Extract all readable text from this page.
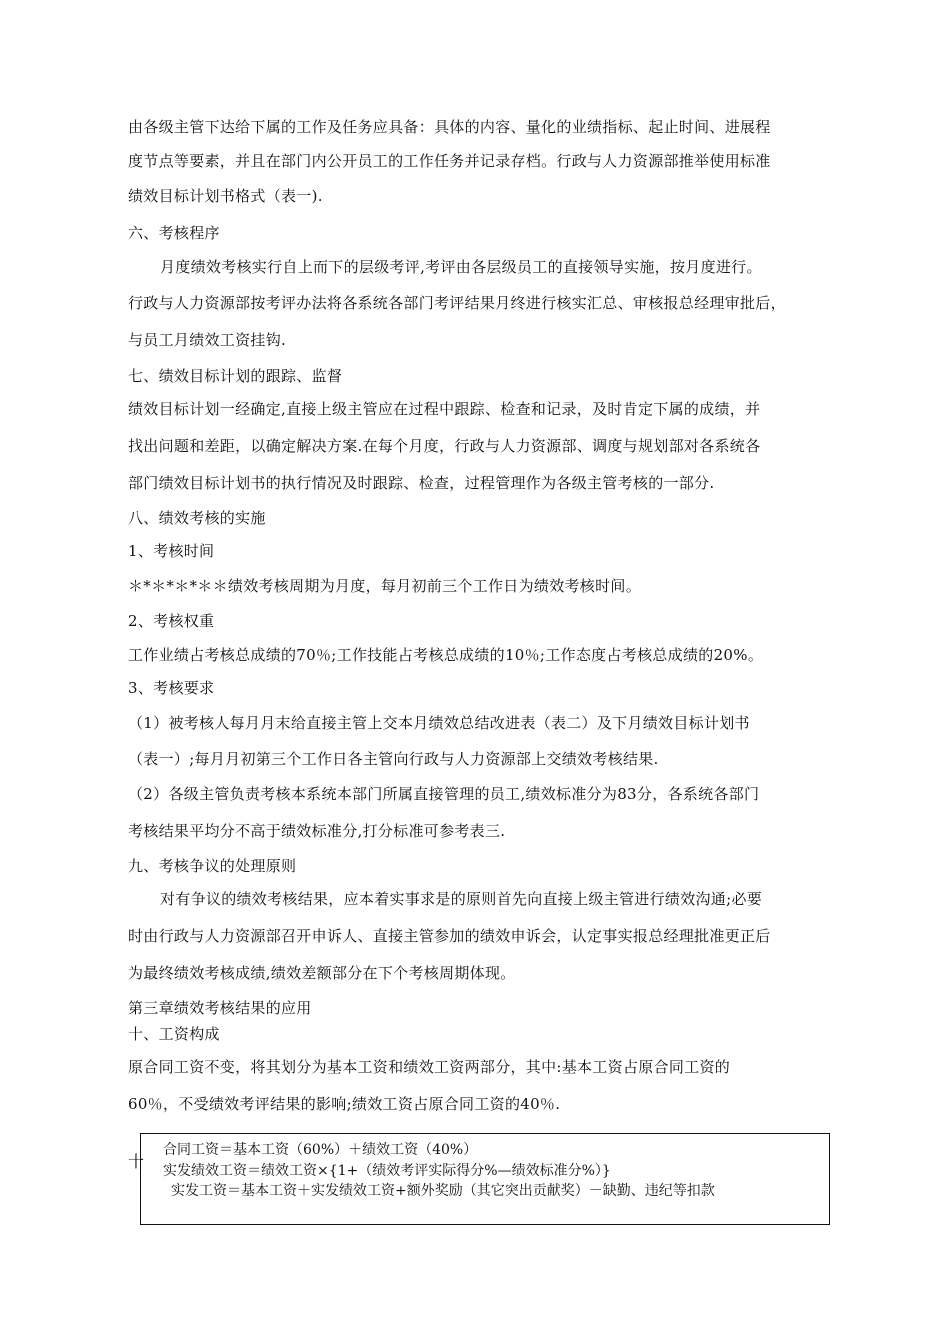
由各级主管下达给下属的工作及任务应具备：具体的内容、量化的业绩指标、起止时间、进展程
度节点等要素，并且在部门内公开员工的工作任务并记录存档。行政与人力资源部推举使用标准
绩效目标计划书格式（表一).
六、考核程序
月度绩效考核实行自上而下的层级考评,考评由各层级员工的直接领导实施，按月度进行。
行政与人力资源部按考评办法将各系统各部门考评结果月终进行核实汇总、审核报总经理审批后，
与员工月绩效工资挂钩.
七、绩效目标计划的跟踪、监督
绩效目标计划一经确定,直接上级主管应在过程中跟踪、检查和记录，及时肯定下属的成绩，并
找出问题和差距，以确定解决方案.在每个月度，行政与人力资源部、调度与规划部对各系统各
部门绩效目标计划书的执行情况及时跟踪、检查，过程管理作为各级主管考核的一部分.
八、绩效考核的实施
1、考核时间
＊*＊*＊*＊＊绩效考核周期为月度，每月初前三个工作日为绩效考核时间。
2、考核权重
工作业绩占考核总成绩的70％;工作技能占考核总成绩的10％;工作态度占考核总成绩的20%。
3、考核要求
（1）被考核人每月月末给直接主管上交本月绩效总结改进表（表二）及下月绩效目标计划书
（表一）;每月月初第三个工作日各主管向行政与人力资源部上交绩效考核结果.
（2）各级主管负责考核本系统本部门所属直接管理的员工,绩效标准分为83分，各系统各部门
考核结果平均分不高于绩效标准分,打分标准可参考表三.
九、考核争议的处理原则
对有争议的绩效考核结果，应本着实事求是的原则首先向直接上级主管进行绩效沟通;必要
时由行政与人力资源部召开申诉人、直接主管参加的绩效申诉会，认定事实报总经理批准更正后
为最终绩效考核成绩,绩效差额部分在下个考核周期体现。
第三章绩效考核结果的应用
十、工资构成
原合同工资不变，将其划分为基本工资和绩效工资两部分，其中:基本工资占原合同工资的
60％，不受绩效考评结果的影响;绩效工资占原合同工资的40％.
十
合同工资＝基本工资（60%）＋绩效工资（40%）
实发绩效工资＝绩效工资×{1+（绩效考评实际得分%—绩效标准分%）}
实发工资＝基本工资＋实发绩效工资+额外奖励（其它突出贡献奖）－缺勤、违纪等扣款
